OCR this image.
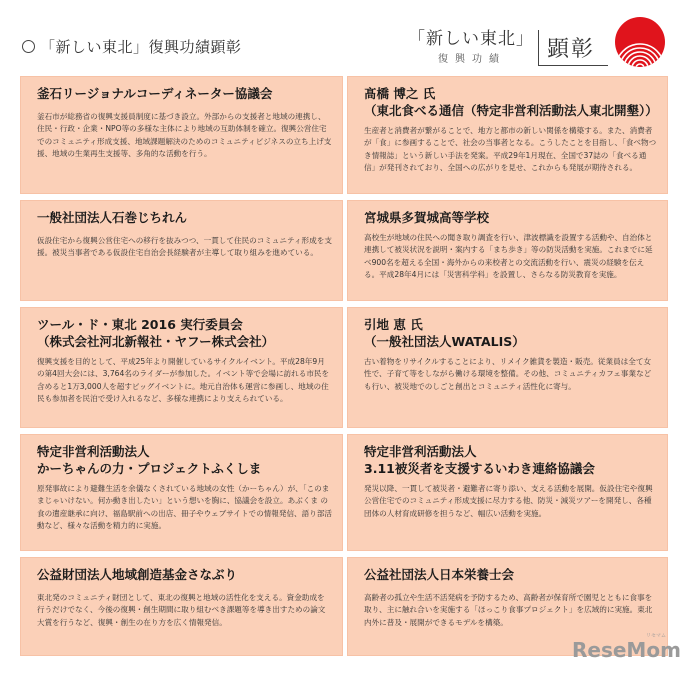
「新しい東北」復興功績顕彰	「新しい東北」
復興功績 顕彰
釜石リージョナルコーディネーター協議会
釜石市が総務省の復興支援員制度に基づき設立。外部からの支援者と地域の連携し、住民・行政・企業・NPO等の多様な主体により地域の互助体制を確立。復興公営住宅でのコミュニティ形成支援、地域課題解決のためのコミュニティビジネスの立ち上げ支援、地域の生業再生支援等、多角的な活動を行う。
髙橋 博之 氏
（東北食べる通信（特定非営利活動法人東北開墾））
生産者と消費者が繋がることで、地方と都市の新しい関係を構築する。また、消費者が「食」に参画することで、社会の当事者となる。こうしたことを目指し、「食べ物つき情報誌」という新しい手法を発案。平成29年1月現在、全国で37誌の「食べる通信」が発刊されており、全国への広がりを見せ、これからも発展が期待される。
一般社団法人石巻じちれん
仮設住宅から復興公営住宅への移行を抜みつつ、一貫して住民のコミュニティ形成を支援。被災当事者である仮設住宅自治会長経験者が主導して取り組みを進めている。
宮城県多賀城高等学校
高校生が地域の住民への聞き取り調査を行い、津波標識を設置する活動や、自治体と連携して被災状況を説明・案内する「まち歩き」等の防災活動を実施。これまでに延べ900名を超える全国・海外からの来校者との交流活動を行い、震災の経験を伝える。平成28年4月には「災害科学科」を設置し、さらなる防災教育を実施。
ツール・ド・東北 2016 実行委員会
（株式会社河北新報社・ヤフー株式会社）
復興支援を目的として、平成25年より開催しているサイクルイベント。平成28年9月の第4回大会には、3,764名のライダーが参加した。イベント等で会場に訪れる市民を含めると1万3,000人を超すビッグイベントに。地元自治体も運営に参画し、地域の住民も参加者を民泊で受け入れるなど、多様な連携により支えられている。
引地 恵 氏
（一般社団法人WATALIS）
古い着物をリサイクルすることにより、リメイク雑貨を製造・販売。従業員は全て女性で、子育て等をしながら働ける環境を整備。その他、コミュニティカフェ事業なども行い、被災地でのしごと創出とコミュニティ活性化に寄与。
特定非営利活動法人
かーちゃんの力・プロジェクトふくしま
原発事故により避難生活を余儀なくされている地域の女性（かーちゃん）が、「このままじゃいけない。何か動き出したい」という想いを胸に、協議会を設立。あぶくま の食の遺産継承に向け、福島駅前への出店、冊子やウェブサイトでの情報発信、語り部活動など、様々な活動を精力的に実施。
特定非営利活動法人
3.11被災者を支援するいわき連絡協議会
発災以降、一貫して被災者・避難者に寄り添い、支える活動を展開。仮設住宅や復興公営住宅でのコミュニティ形成支援に尽力する他、防災・減災ツアーを開発し、各種団体の人材育成研修を担うなど、幅広い活動を実施。
公益財団法人地域創造基金さなぶり
東北発のコミュニティ財団として、東北の復興と地域の活性化を支える。資金助成を行うだけでなく、今後の復興・創生期間に取り組むべき課題等を導き出すための論文大賞を行うなど、復興・創生の在り方を広く情報発信。
公益社団法人日本栄養士会
高齢者の孤立や生活不活発病を予防するため、高齢者が保育所で園児とともに食事を取り、主に触れ合いを実施する「ほっこり食事プロジェクト」を広域的に実施。東北内外に普及・展開ができるモデルを構築。
ReseMom
リセマム
